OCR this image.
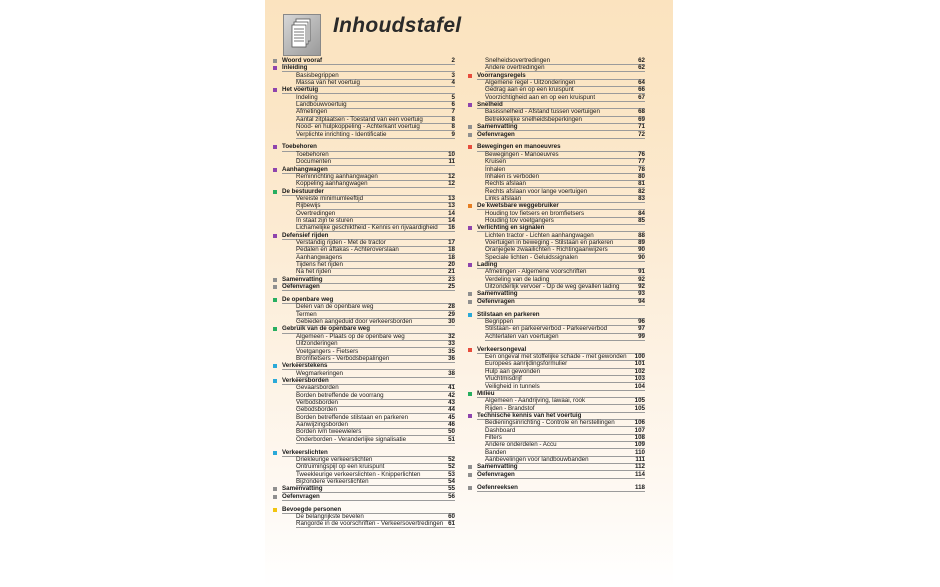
Inhoudstafel
Woord vooraf	2
Inleiding
Basisbegrippen	3
Massa van het voertuig	4
Het voertuig
Indeling	5
Landbouwvoertuig	6
Afmetingen	7
Aantal zitplaatsen - Toestand van een voertuig	8
Nood- en hulpkoppeling - Achterkant voertuig	8
Verplichte inrichting - Identificatie	9
Toebehoren
Toebehoren	10
Documenten	11
Aanhangwagen
Reminrichting aanhangwagen	12
Koppeling aanhangwagen	12
De bestuurder
Vereiste minimumleeftijd	13
Rijbewijs	13
Overtredingen	14
In staat zijn te sturen	14
Lichamelijke geschiktheid - Kennis en rijvaardigheid 16
Defensief rijden
Verstandig rijden - Met de tractor	17
Pedalen en aftakas - Achteroverslaan	18
Aanhangwagens	18
Tijdens het rijden	20
Na het rijden	21
Samenvatting	23
Oefenvragen	25
De openbare weg
Delen van de openbare weg	28
Termen	29
Gebieden aangeduid door verkeersborden	30
Gebruik van de openbare weg
Algemeen - Plaats op de openbare weg	32
Uitzonderingen	33
Voetgangers - Fietsers	35
Bromfietsers - Verbodsbepalingen	36
Verkeerstekens
Wegmarkeringen	38
Verkeersborden
Gevaarsborden	41
Borden betreffende de voorrang	42
Verbodsborden	43
Gebodsborden	44
Borden betreffende stilstaan en parkeren	45
Aanwijzingsborden	46
Borden ivm tweewielers	50
Onderborden - Veranderlijke signalisatie	51
Verkeerslichten
Driekleurige verkeerslichten	52
Ontruimingspijl op een kruispunt	52
Tweekleurige verkeerslichten - Knipperlichten	53
Bijzondere verkeerslichten	54
Samenvatting	55
Oefenvragen	56
Bevoegde personen
De belangrijkste bevelen	60
Rangorde in de voorschriften - Verkeersovertredingen 61
Snelheidsovertredingen	62
Andere overtredingen	62
Voorrangsregels
Algemene regel - Uitzonderingen	64
Gedrag aan en op een kruispunt	66
Voorzichtigheid aan en op een kruispunt	67
Snelheid
Basissnelheid - Afstand tussen voertuigen	68
Betrekkelijke snelheidsbeperkingen	69
Samenvatting	71
Oefenvragen	72
Bewegingen en manoeuvres
Bewegingen - Manoeuvres	76
Kruisen	77
Inhalen	78
Inhalen is verboden	80
Rechts afslaan	81
Rechts afslaan voor lange voertuigen	82
Links afslaan	83
De kwetsbare weggebruiker
Houding tov fietsers en bromfietsers	84
Houding tov voetgangers	85
Verlichting en signalen
Lichten tractor - Lichten aanhangwagen	88
Voertuigen in beweging - Stilstaan en parkeren	89
Oranjegele zwaailichten - Richtingaanwijzers	90
Speciale lichten - Geluidssignalen	90
Lading
Afmetingen - Algemene voorschriften	91
Verdeling van de lading	92
Uitzonderlijk vervoer - Op de weg gevallen lading	92
Samenvatting	93
Oefenvragen	94
Stilstaan en parkeren
Begrippen	96
Stilstaan- en parkeerverbod - Parkeerverbod	97
Achterlaten van voertuigen	99
Verkeersongeval
Een ongeval met stoffelijke schade - met gewonden 100
Europees aanrijdingsformulier	101
Hulp aan gewonden	102
Vluchtmisdrijf	103
Veiligheid in tunnels	104
Milieu
Algemeen - Aandrijving, lawaai, rook	105
Rijden - Brandstof	105
Technische kennis van het voertuig
Bedieningsinrichting - Controle en herstellingen	106
Dashboard	107
Filters	108
Andere onderdelen - Accu	109
Banden	110
Aanbevelingen voor landbouwbanden	111
Samenvatting	112
Oefenvragen	114
Oefenreeksen	118
